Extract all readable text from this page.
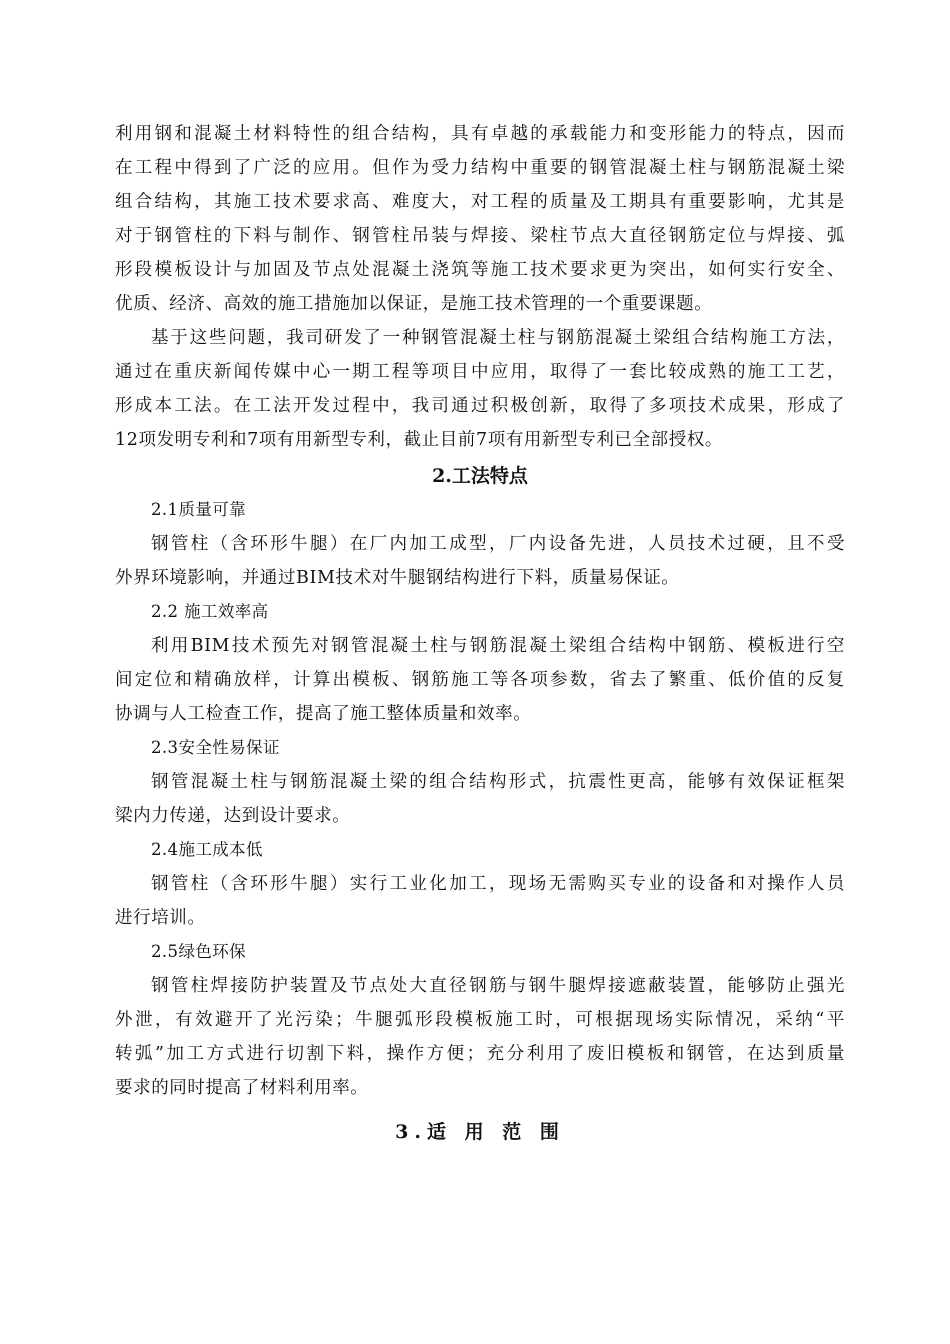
利用钢和混凝土材料特性的组合结构，具有卓越的承载能力和变形能力的特点，因而
在工程中得到了广泛的应用。但作为受力结构中重要的钢管混凝土柱与钢筋混凝土梁
组合结构，其施工技术要求高、难度大，对工程的质量及工期具有重要影响，尤其是
对于钢管柱的下料与制作、钢管柱吊装与焊接、梁柱节点大直径钢筋定位与焊接、弧
形段模板设计与加固及节点处混凝土浇筑等施工技术要求更为突出，如何实行安全、
优质、经济、高效的施工措施加以保证，是施工技术管理的一个重要课题。
基于这些问题，我司研发了一种钢管混凝土柱与钢筋混凝土梁组合结构施工方法，
通过在重庆新闻传媒中心一期工程等项目中应用，取得了一套比较成熟的施工工艺，
形成本工法。在工法开发过程中，我司通过积极创新，取得了多项技术成果，形成了
12项发明专利和7项有用新型专利，截止目前7项有用新型专利已全部授权。
2.工法特点
2.1质量可靠
钢管柱（含环形牛腿）在厂内加工成型，厂内设备先进，人员技术过硬，且不受
外界环境影响，并通过BIM技术对牛腿钢结构进行下料，质量易保证。
2.2 施工效率高
利用BIM技术预先对钢管混凝土柱与钢筋混凝土梁组合结构中钢筋、模板进行空
间定位和精确放样，计算出模板、钢筋施工等各项参数，省去了繁重、低价值的反复
协调与人工检查工作，提高了施工整体质量和效率。
2.3安全性易保证
钢管混凝土柱与钢筋混凝土梁的组合结构形式，抗震性更高，能够有效保证框架
梁内力传递，达到设计要求。
2.4施工成本低
钢管柱（含环形牛腿）实行工业化加工，现场无需购买专业的设备和对操作人员
进行培训。
2.5绿色环保
钢管柱焊接防护装置及节点处大直径钢筋与钢牛腿焊接遮蔽装置，能够防止强光
外泄，有效避开了光污染；牛腿弧形段模板施工时，可根据现场实际情况，采纳“平
转弧”加工方式进行切割下料，操作方便；充分利用了废旧模板和钢管，在达到质量
要求的同时提高了材料利用率。
3.适 用 范 围
